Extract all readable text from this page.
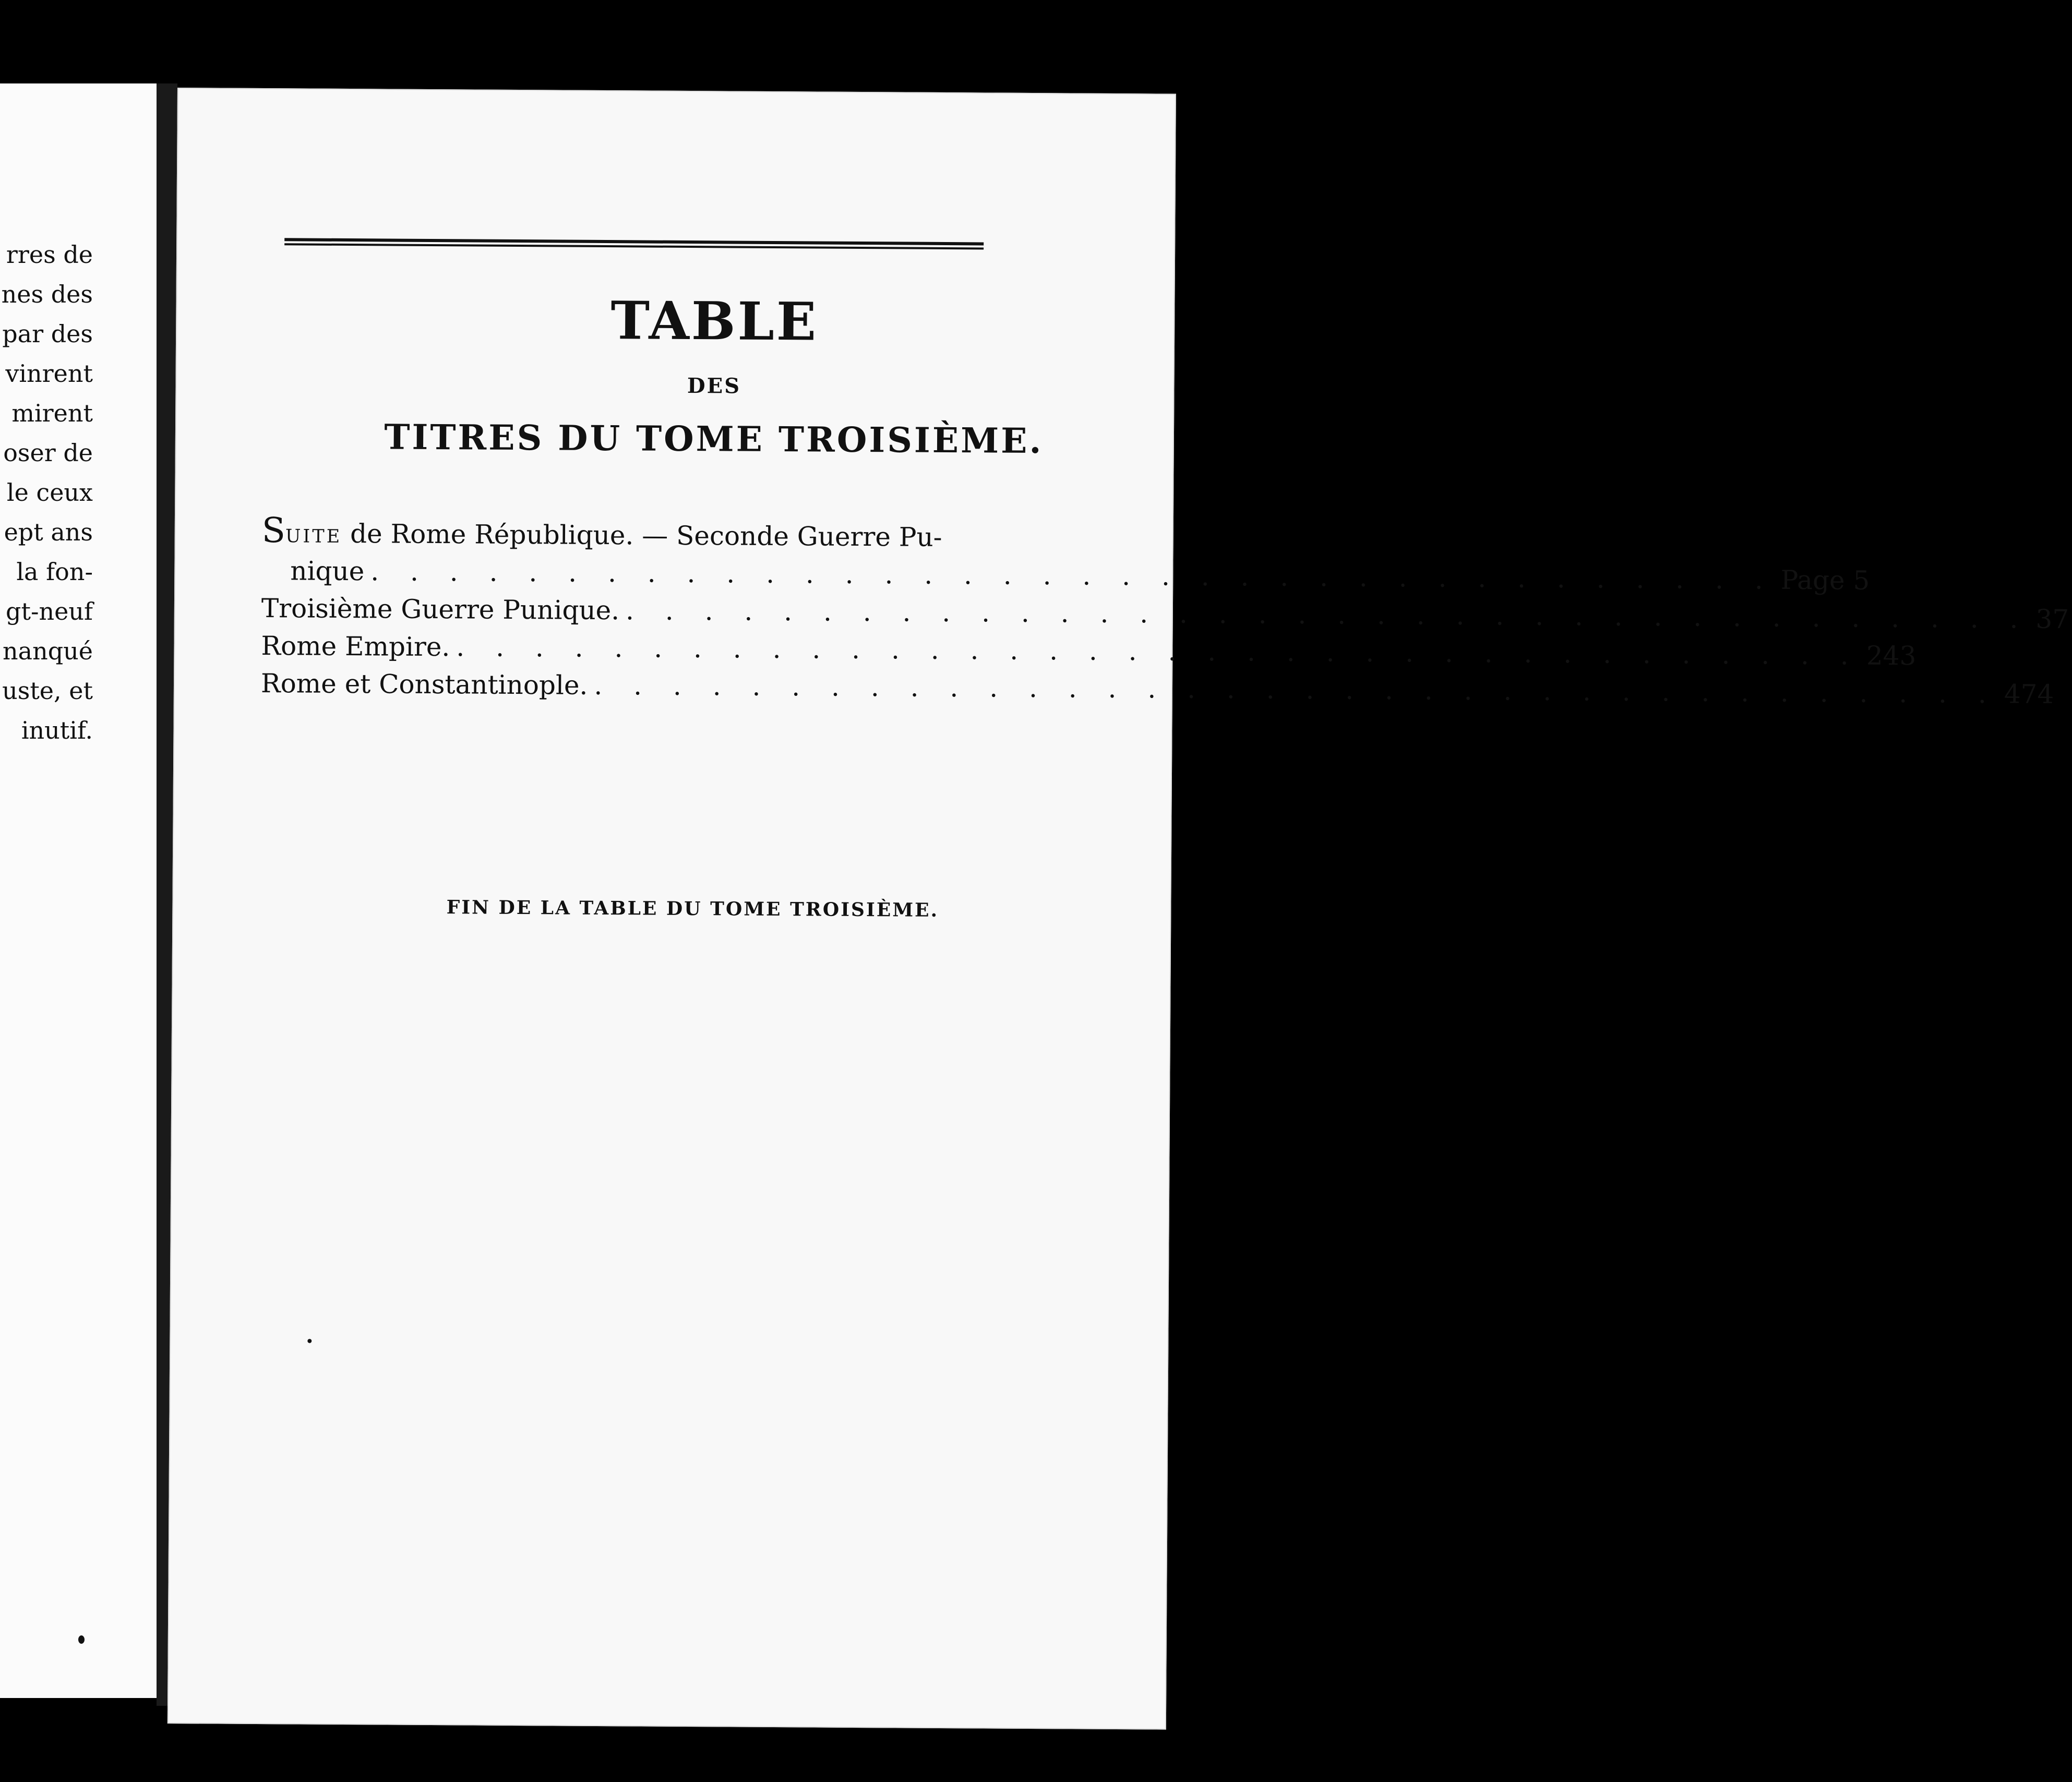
rres de
nes des
par des
vinrent
mirent
oser de
le ceux
ept ans
la fon-
gt-neuf
nanqué
uste, et
inutif.
TABLE
DES
TITRES DU TOME TROISIÈME.
Suite de Rome République. — Seconde Guerre Pu-
nique . . . . . . . . . . . . . . . . . . . . . . . . . . . . . . . . . . . . Page 5
Troisième Guerre Punique. . . . . . . . . . . . . . . . . . . . . . . . . . . . . . . . . . . . . 37
Rome Empire. . . . . . . . . . . . . . . . . . . . . . . . . . . . . . . . . . . . . 243
Rome et Constantinople. . . . . . . . . . . . . . . . . . . . . . . . . . . . . . . . . . . . . 474
FIN DE LA TABLE DU TOME TROISIÈME.
